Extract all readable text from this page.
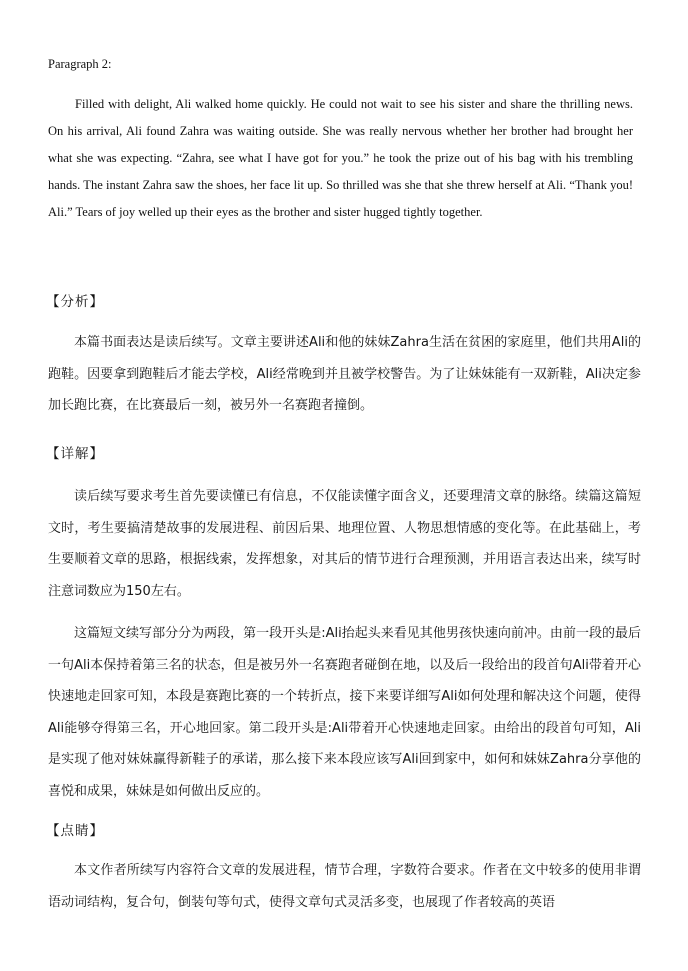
Paragraph 2:

Filled with delight, Ali walked home quickly. He could not wait to see his sister and share the thrilling news. On his arrival, Ali found Zahra was waiting outside. She was really nervous whether her brother had brought her what she was expecting. “Zahra, see what I have got for you.” he took the prize out of his bag with his trembling hands. The instant Zahra saw the shoes, her face lit up. So thrilled was she that she threw herself at Ali. “Thank you! Ali.” Tears of joy welled up their eyes as the brother and sister hugged tightly together.

【分析】

本篇书面表达是读后续写。文章主要讲述Ali和他的妹妹Zahra生活在贫困的家庭里，他们共用Ali的跑鞋。因要拿到跑鞋后才能去学校，Ali经常晚到并且被学校警告。为了让妹妹能有一双新鞋，Ali决定参加长跑比赛，在比赛最后一刻，被另外一名赛跑者撞倒。

【详解】

读后续写要求考生首先要读懂已有信息，不仅能读懂字面含义，还要理清文章的脉络。续篇这篇短文时，考生要搞清楚故事的发展进程、前因后果、地理位置、人物思想情感的变化等。在此基础上，考生要顺着文章的思路，根据线索，发挥想象，对其后的情节进行合理预测，并用语言表达出来，续写时注意词数应为150左右。

这篇短文续写部分分为两段，第一段开头是:Ali抬起头来看见其他男孩快速向前冲。由前一段的最后一句Ali本保持着第三名的状态，但是被另外一名赛跑者碰倒在地，以及后一段给出的段首句Ali带着开心快速地走回家可知，本段是赛跑比赛的一个转折点，接下来要详细写Ali如何处理和解决这个问题，使得Ali能够夺得第三名，开心地回家。第二段开头是:Ali带着开心快速地走回家。由给出的段首句可知，Ali是实现了他对妹妹赢得新鞋子的承诺，那么接下来本段应该写Ali回到家中，如何和妹妹Zahra分享他的喜悦和成果，妹妹是如何做出反应的。

【点睛】

本文作者所续写内容符合文章的发展进程，情节合理，字数符合要求。作者在文中较多的使用非谓语动词结构，复合句，倒装句等句式，使得文章句式灵活多变，也展现了作者较高的英语
